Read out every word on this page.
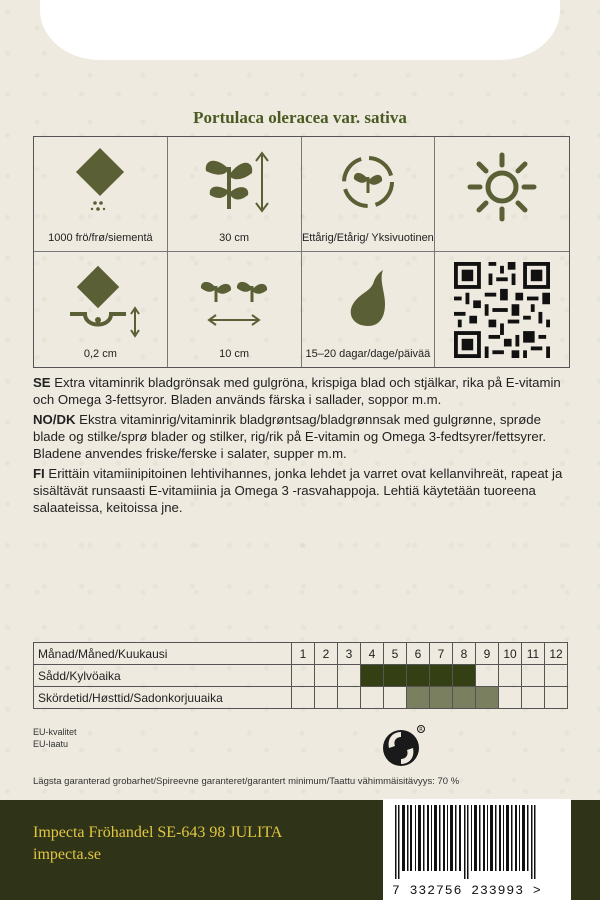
Portulaca oleracea var. sativa
1000 frö/frø/siementä	30 cm	Ettårig/Etårig/ Yksivuotinen
0,2 cm	10 cm	15–20 dagar/dage/päivää

SE Extra vitaminrik bladgrönsak med gulgröna, krispiga blad och stjälkar, rika på E-vitamin och Omega 3-fettsyror. Bladen används färska i sallader, soppor m.m.

NO/DK Ekstra vitaminrig/vitaminrik bladgrøntsag/bladgrønnsak med gulgrønne, sprøde blade og stilke/sprø blader og stilker, rig/rik på E-vitamin og Omega 3-fedtsyrer/fettsyrer. Bladene anvendes friske/ferske i salater, supper m.m.

FI Erittäin vitamiinipitoinen lehtivihannes, jonka lehdet ja varret ovat kellanvihreät, rapeat ja sisältävät runsaasti E-vitamiinia ja Omega 3 -rasvahappoja. Lehtiä käytetään tuoreena salaateissa, keitoissa jne.

Månad/Måned/Kuukausi	1	2	3	4	5	6	7	8	9	10	11	12
Sådd/Kylvöaika												
Skördetid/Høsttid/Sadonkorjuuaika												
EU-kvalitet
EU-laatu
R
Lägsta garanterad grobarhet/Spireevne garanteret/garantert minimum/Taattu vähimmäisitävyys: 70 %
Impecta Fröhandel SE-643 98 JULITA
impecta.se
7 332756 233993 >
